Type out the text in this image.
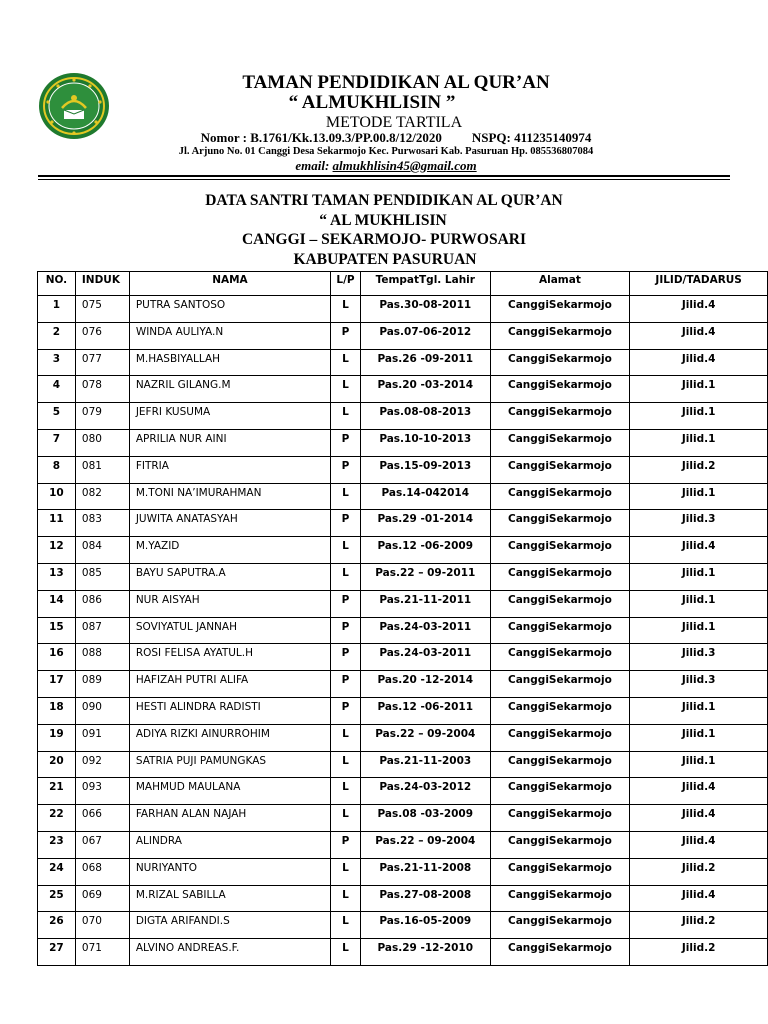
TAMAN PENDIDIKAN AL QUR’AN
“ ALMUKHLISIN ”
METODE TARTILA
Nomor : B.1761/Kk.13.09.3/PP.00.8/12/2020 NSPQ: 411235140974
Jl. Arjuno No. 01 Canggi Desa Sekarmojo Kec. Purwosari Kab. Pasuruan Hp. 085536807084
email: almukhlisin45@gmail.com
DATA SANTRI TAMAN PENDIDIKAN AL QUR’AN
“ AL MUKHLISIN
CANGGI – SEKARMOJO- PURWOSARI
KABUPATEN PASURUAN
NO.	INDUK	NAMA	L/P	TempatTgl. Lahir	Alamat	JILID/TADARUS
1	075	PUTRA SANTOSO	L	Pas.30-08-2011	CanggiSekarmojo	Jilid.4
2	076	WINDA AULIYA.N	P	Pas.07-06-2012	CanggiSekarmojo	Jilid.4
3	077	M.HASBIYALLAH	L	Pas.26 -09-2011	CanggiSekarmojo	Jilid.4
4	078	NAZRIL GILANG.M	L	Pas.20 -03-2014	CanggiSekarmojo	Jilid.1
5	079	JEFRI KUSUMA	L	Pas.08-08-2013	CanggiSekarmojo	Jilid.1
7	080	APRILIA NUR AINI	P	Pas.10-10-2013	CanggiSekarmojo	Jilid.1
8	081	FITRIA	P	Pas.15-09-2013	CanggiSekarmojo	Jilid.2
10	082	M.TONI NA’IMURAHMAN	L	Pas.14-042014	CanggiSekarmojo	Jilid.1
11	083	JUWITA ANATASYAH	P	Pas.29 -01-2014	CanggiSekarmojo	Jilid.3
12	084	M.YAZID	L	Pas.12 -06-2009	CanggiSekarmojo	Jilid.4
13	085	BAYU SAPUTRA.A	L	Pas.22 – 09-2011	CanggiSekarmojo	Jilid.1
14	086	NUR AISYAH	P	Pas.21-11-2011	CanggiSekarmojo	Jilid.1
15	087	SOVIYATUL JANNAH	P	Pas.24-03-2011	CanggiSekarmojo	Jilid.1
16	088	ROSI FELISA AYATUL.H	P	Pas.24-03-2011	CanggiSekarmojo	Jilid.3
17	089	HAFIZAH PUTRI ALIFA	P	Pas.20 -12-2014	CanggiSekarmojo	Jilid.3
18	090	HESTI ALINDRA RADISTI	P	Pas.12 -06-2011	CanggiSekarmojo	Jilid.1
19	091	ADIYA RIZKI AINURROHIM	L	Pas.22 – 09-2004	CanggiSekarmojo	Jilid.1
20	092	SATRIA PUJI PAMUNGKAS	L	Pas.21-11-2003	CanggiSekarmojo	Jilid.1
21	093	MAHMUD MAULANA	L	Pas.24-03-2012	CanggiSekarmojo	Jilid.4
22	066	FARHAN ALAN NAJAH	L	Pas.08 -03-2009	CanggiSekarmojo	Jilid.4
23	067	ALINDRA	P	Pas.22 – 09-2004	CanggiSekarmojo	Jilid.4
24	068	NURIYANTO	L	Pas.21-11-2008	CanggiSekarmojo	Jilid.2
25	069	M.RIZAL SABILLA	L	Pas.27-08-2008	CanggiSekarmojo	Jilid.4
26	070	DIGTA ARIFANDI.S	L	Pas.16-05-2009	CanggiSekarmojo	Jilid.2
27	071	ALVINO ANDREAS.F.	L	Pas.29 -12-2010	CanggiSekarmojo	Jilid.2
